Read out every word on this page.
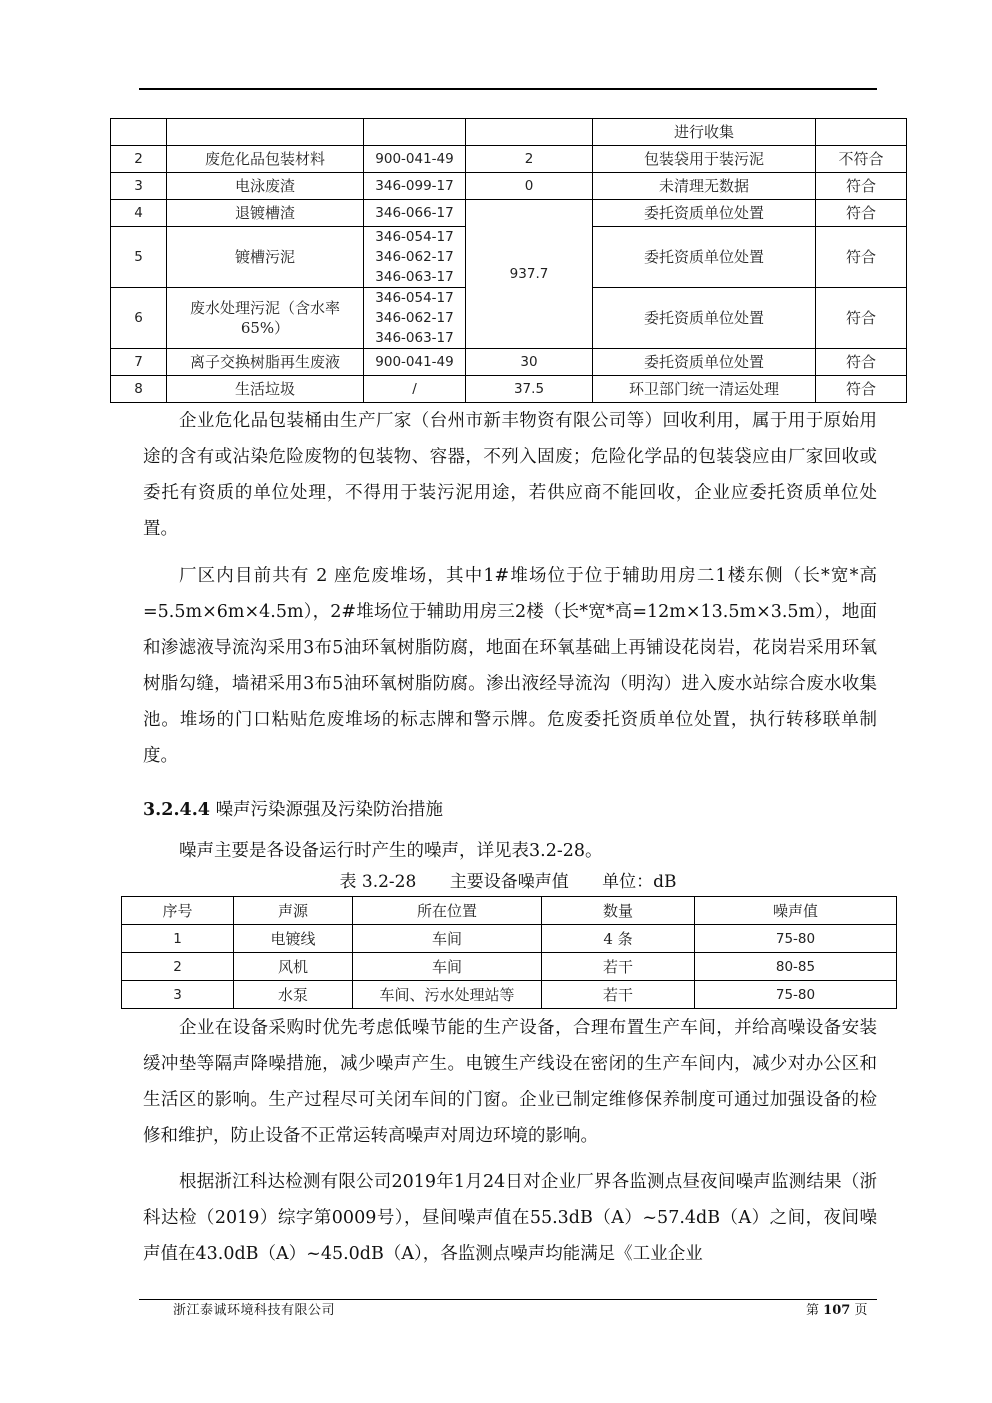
		进行收集	
2	废危化品包装材料	900-041-49	2	包装袋用于装污泥	不符合
3	电泳废渣	346-099-17	0	未清理无数据	符合
4	退镀槽渣	346-066-17	937.7	委托资质单位处置	符合
5	镀槽污泥	346-054-17
346-062-17
346-063-17		委托资质单位处置	符合
6	废水处理污泥（含水率65%）	346-054-17
346-062-17
346-063-17		委托资质单位处置	符合
7	离子交换树脂再生废液	900-041-49	30	委托资质单位处置	符合
8	生活垃圾	/	37.5	环卫部门统一清运处理	符合

企业危化品包装桶由生产厂家（台州市新丰物资有限公司等）回收利用，属于用于原始用途的含有或沾染危险废物的包装物、容器，不列入固废；危险化学品的包装袋应由厂家回收或委托有资质的单位处理，不得用于装污泥用途，若供应商不能回收，企业应委托资质单位处置。

厂区内目前共有 2 座危废堆场，其中1#堆场位于位于辅助用房二1楼东侧（长*宽*高=5.5m×6m×4.5m），2#堆场位于辅助用房三2楼（长*宽*高=12m×13.5m×3.5m），地面和渗滤液导流沟采用3布5油环氧树脂防腐，地面在环氧基础上再铺设花岗岩，花岗岩采用环氧树脂勾缝，墙裙采用3布5油环氧树脂防腐。渗出液经导流沟（明沟）进入废水站综合废水收集池。堆场的门口粘贴危废堆场的标志牌和警示牌。危废委托资质单位处置，执行转移联单制度。

3.2.4.4 噪声污染源强及污染防治措施

噪声主要是各设备运行时产生的噪声，详见表3.2-28。

表 3.2-28 主要设备噪声值 单位：dB

序号	声源	所在位置	数量	噪声值
1	电镀线	车间	4 条	75-80
2	风机	车间	若干	80-85
3	水泵	车间、污水处理站等	若干	75-80

企业在设备采购时优先考虑低噪节能的生产设备，合理布置生产车间，并给高噪设备安装缓冲垫等隔声降噪措施，减少噪声产生。电镀生产线设在密闭的生产车间内，减少对办公区和生活区的影响。生产过程尽可关闭车间的门窗。企业已制定维修保养制度可通过加强设备的检修和维护，防止设备不正常运转高噪声对周边环境的影响。

根据浙江科达检测有限公司2019年1月24日对企业厂界各监测点昼夜间噪声监测结果（浙科达检（2019）综字第0009号），昼间噪声值在55.3dB（A）~57.4dB（A）之间，夜间噪声值在43.0dB（A）~45.0dB（A），各监测点噪声均能满足《工业企业

浙江泰诚环境科技有限公司	第 107 页
